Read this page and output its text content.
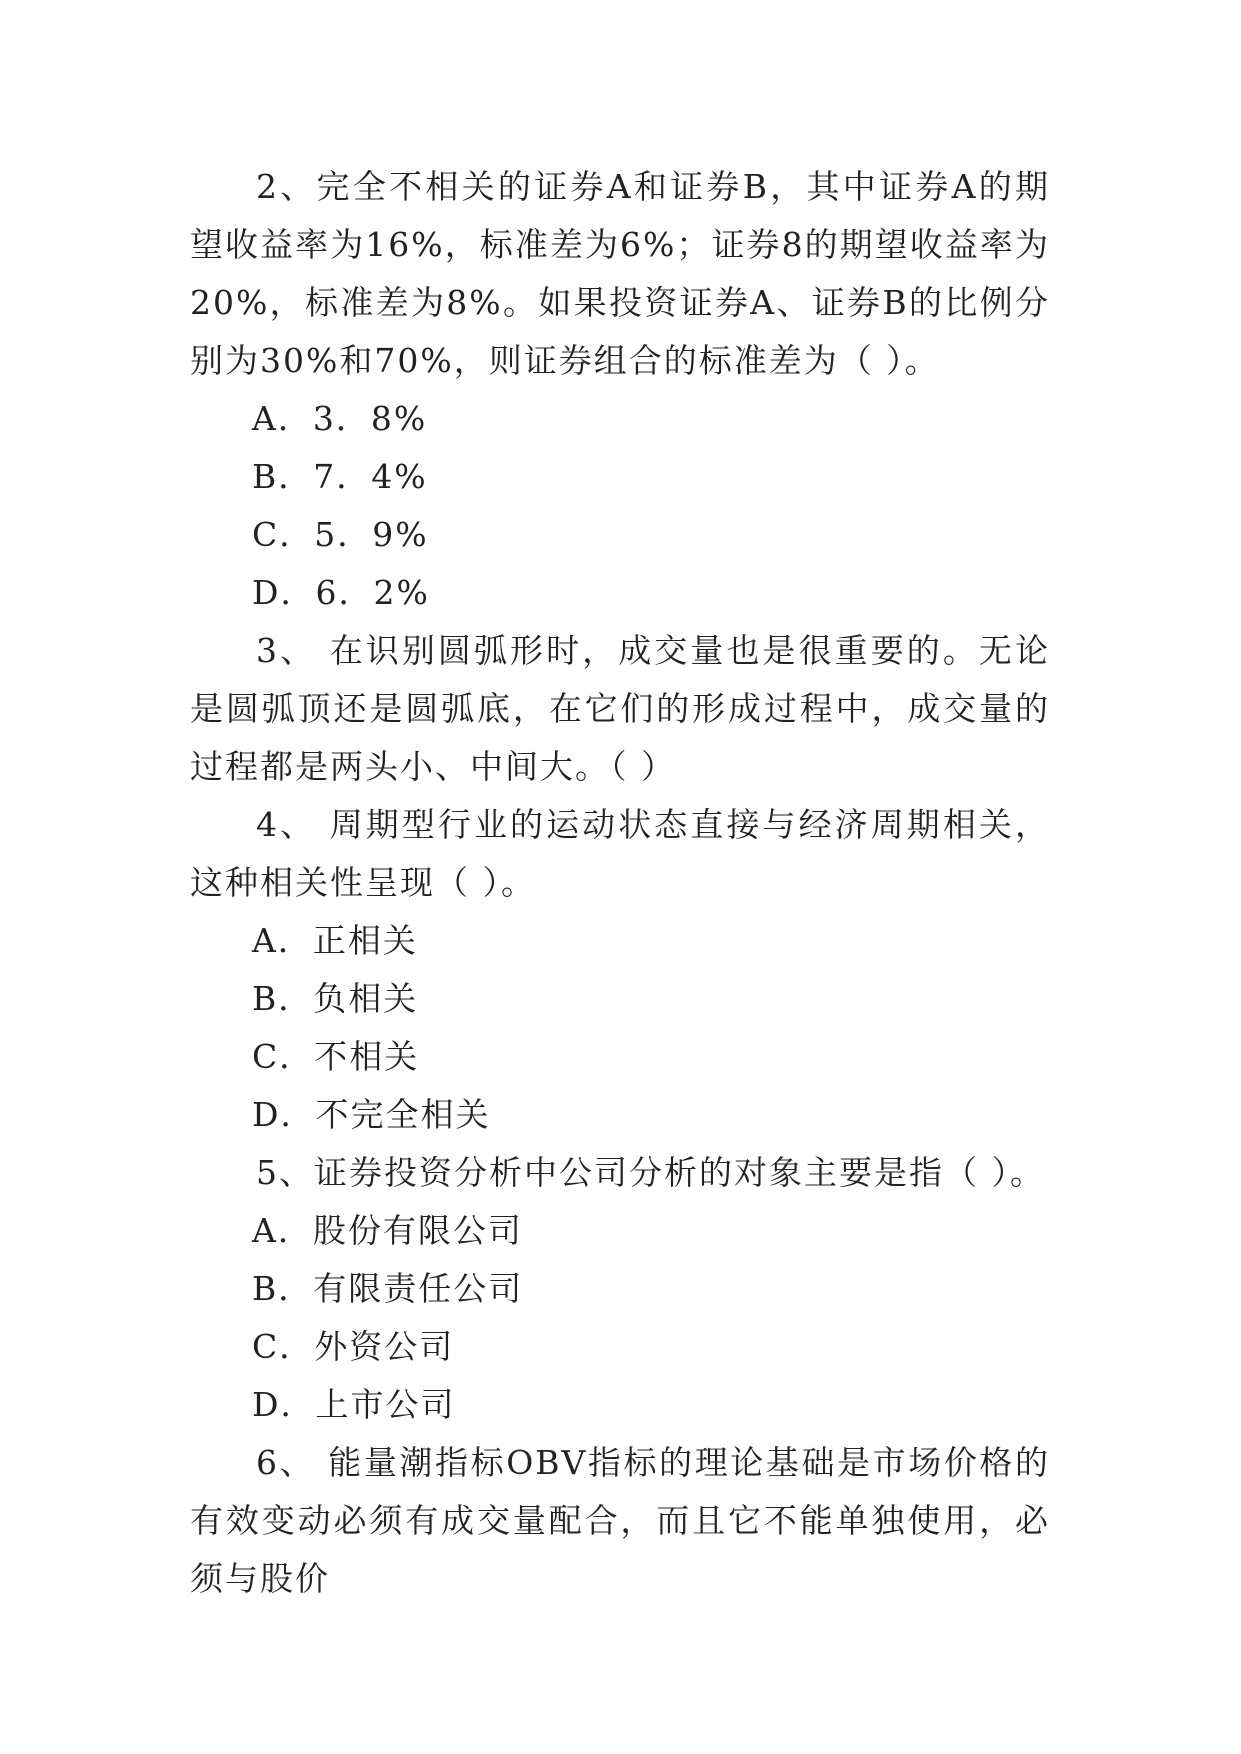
2、完全不相关的证券A和证券B，其中证券A的期望收益率为16%，标准差为6%；证券8的期望收益率为20%，标准差为8%。如果投资证券A、证券B的比例分别为30%和70%，则证券组合的标准差为（ ）。

A．3．8%

B．7．4%

C．5．9%

D．6．2%

3、 在识别圆弧形时，成交量也是很重要的。无论是圆弧顶还是圆弧底，在它们的形成过程中，成交量的过程都是两头小、中间大。（ ）

4、 周期型行业的运动状态直接与经济周期相关，这种相关性呈现（ ）。

A．正相关

B．负相关

C．不相关

D．不完全相关

5、证券投资分析中公司分析的对象主要是指（ ）。

A．股份有限公司

B．有限责任公司

C．外资公司

D．上市公司

6、 能量潮指标OBV指标的理论基础是市场价格的有效变动必须有成交量配合，而且它不能单独使用，必须与股价
